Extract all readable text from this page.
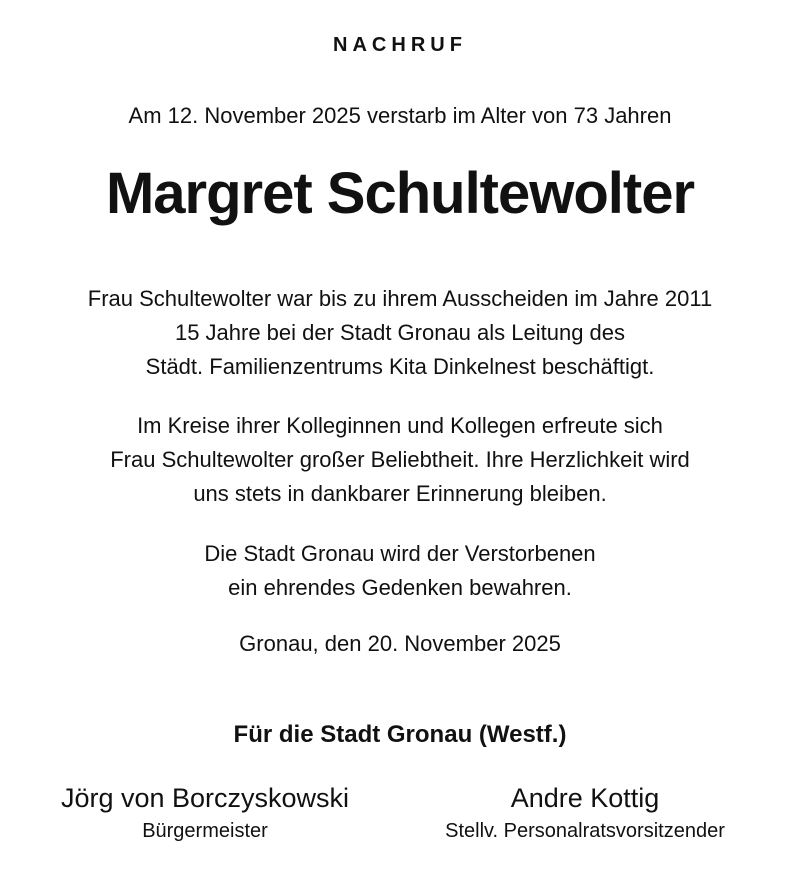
NACHRUF
Am 12. November 2025 verstarb im Alter von 73 Jahren
Margret Schultewolter
Frau Schultewolter war bis zu ihrem Ausscheiden im Jahre 2011
15 Jahre bei der Stadt Gronau als Leitung des
Städt. Familienzentrums Kita Dinkelnest beschäftigt.
Im Kreise ihrer Kolleginnen und Kollegen erfreute sich
Frau Schultewolter großer Beliebtheit. Ihre Herzlichkeit wird
uns stets in dankbarer Erinnerung bleiben.
Die Stadt Gronau wird der Verstorbenen
ein ehrendes Gedenken bewahren.
Gronau, den 20. November 2025
Für die Stadt Gronau (Westf.)
Jörg von Borczyskowski
Bürgermeister
Andre Kottig
Stellv. Personalratsvorsitzender
